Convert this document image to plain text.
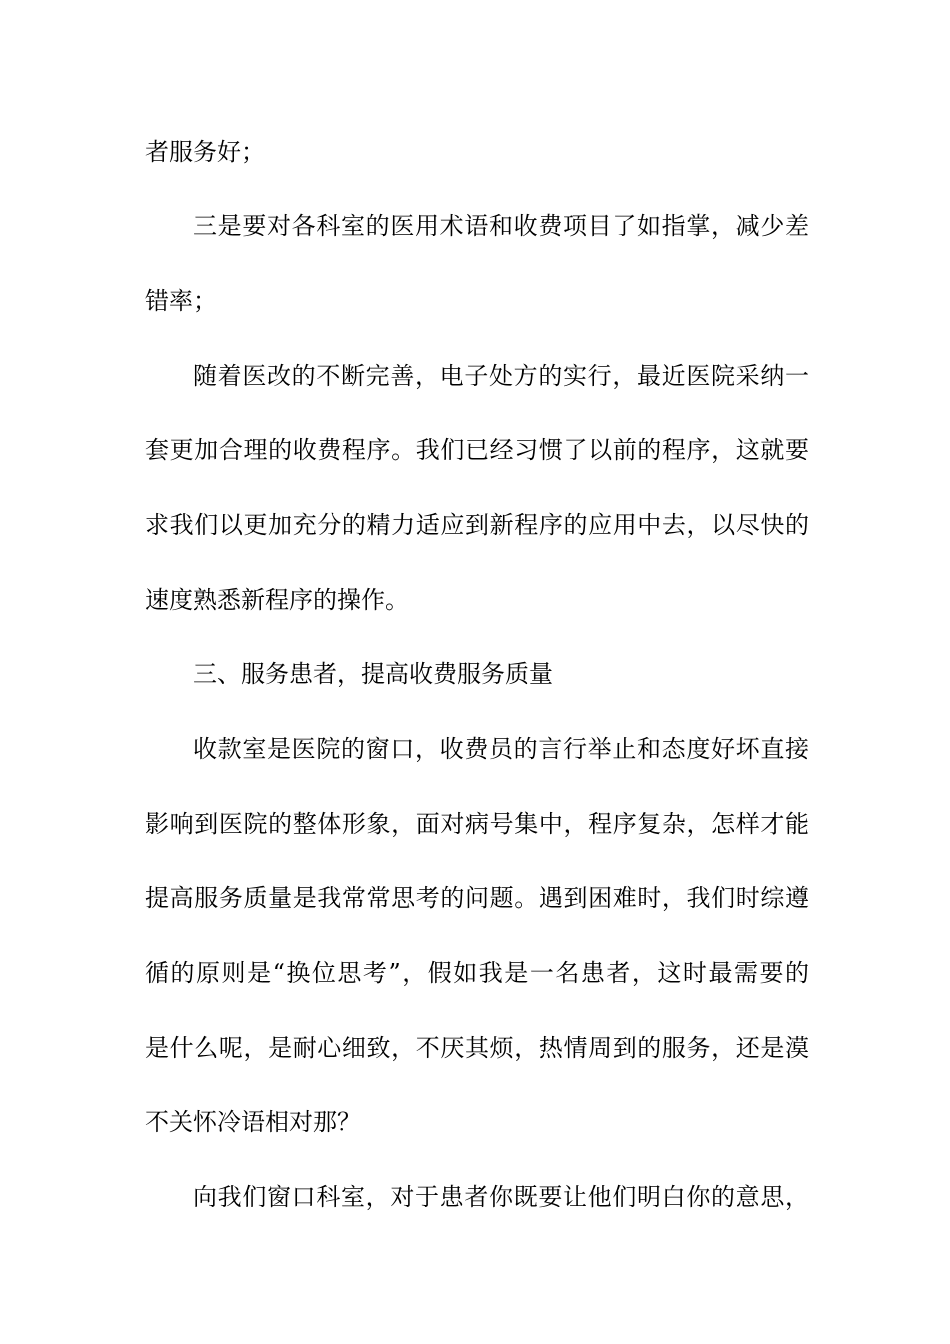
者服务好；
三是要对各科室的医用术语和收费项目了如指掌，减少差
错率；
随着医改的不断完善，电子处方的实行，最近医院采纳一
套更加合理的收费程序。我们已经习惯了以前的程序，这就要
求我们以更加充分的精力适应到新程序的应用中去，以尽快的
速度熟悉新程序的操作。
三、服务患者，提高收费服务质量
收款室是医院的窗口，收费员的言行举止和态度好坏直接
影响到医院的整体形象，面对病号集中，程序复杂，怎样才能
提高服务质量是我常常思考的问题。遇到困难时，我们时综遵
循的原则是“换位思考”，假如我是一名患者，这时最需要的
是什么呢，是耐心细致，不厌其烦，热情周到的服务，还是漠
不关怀冷语相对那？
向我们窗口科室，对于患者你既要让他们明白你的意思，
